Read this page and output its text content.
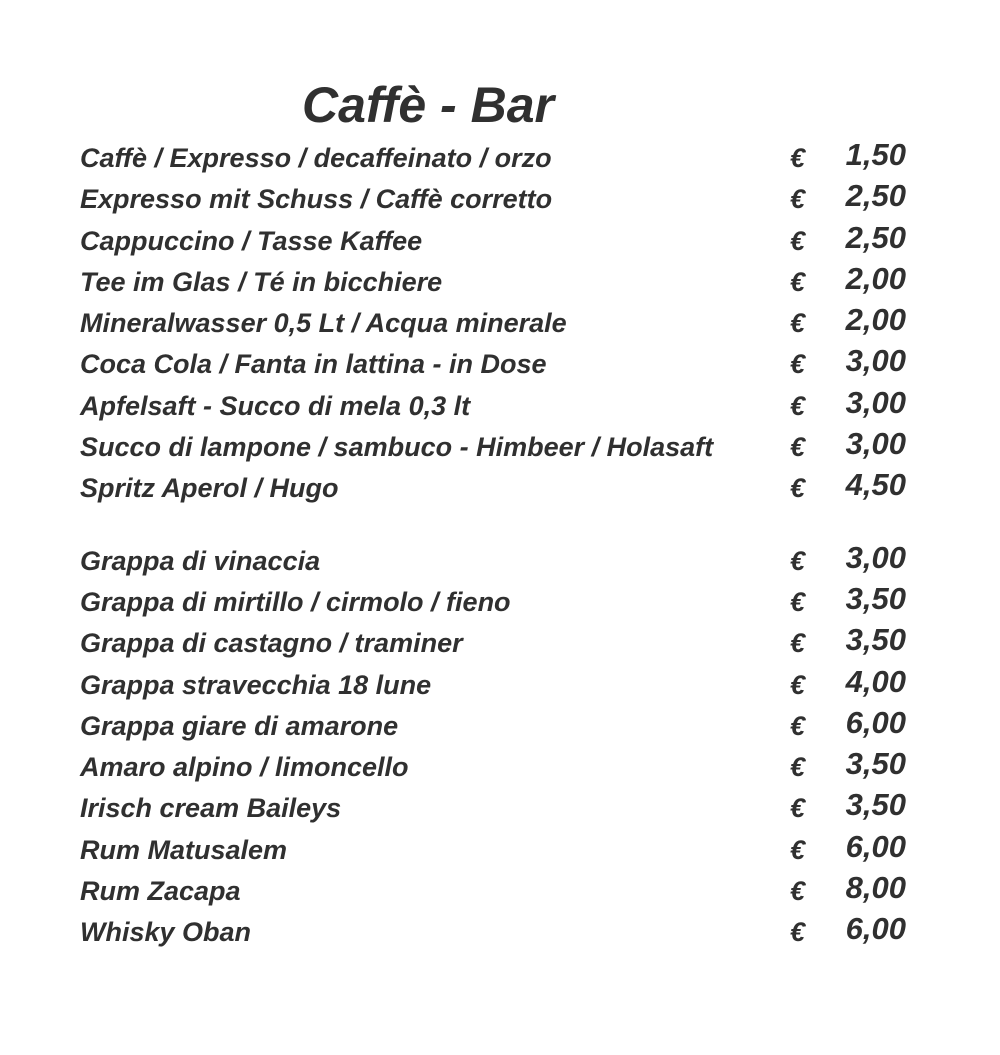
Caffè - Bar
Caffè / Expresso / decaffeinato / orzo	€ 1,50
Expresso mit Schuss / Caffè corretto	€ 2,50
Cappuccino / Tasse Kaffee	€ 2,50
Tee im Glas / Té in bicchiere	€ 2,00
Mineralwasser 0,5 Lt / Acqua minerale	€ 2,00
Coca Cola / Fanta in lattina - in Dose	€ 3,00
Apfelsaft - Succo di mela 0,3 lt	€ 3,00
Succo di lampone / sambuco - Himbeer / Holasaft	€ 3,00
Spritz Aperol / Hugo	€ 4,50
Grappa di vinaccia	€ 3,00
Grappa di mirtillo / cirmolo / fieno	€ 3,50
Grappa di castagno / traminer	€ 3,50
Grappa stravecchia 18 lune	€ 4,00
Grappa giare di amarone	€ 6,00
Amaro alpino / limoncello	€ 3,50
Irisch cream Baileys	€ 3,50
Rum Matusalem	€ 6,00
Rum Zacapa	€ 8,00
Whisky Oban	€ 6,00
